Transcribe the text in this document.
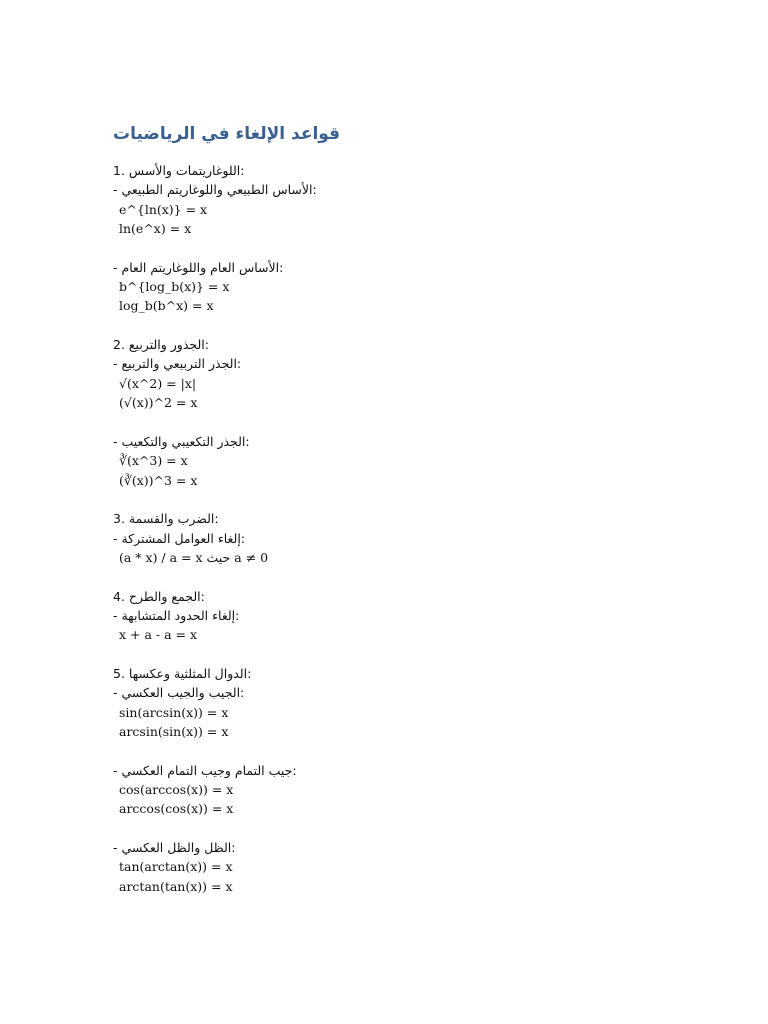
قواعد الإلغاء في الرياضيات
1. اللوغاريتمات والأسس:
- الأساس الطبيعي واللوغاريتم الطبيعي:
e^{ln(x)} = x
ln(e^x) = x
- الأساس العام واللوغاريتم العام:
b^{log_b(x)} = x
log_b(b^x) = x
2. الجذور والتربيع:
- الجذر التربيعي والتربيع:
√(x^2) = |x|
(√(x))^2 = x
- الجذر التكعيبي والتكعيب:
∛(x^3) = x
(∛(x))^3 = x
3. الضرب والقسمة:
- إلغاء العوامل المشتركة:
(a * x) / a = x حيث a ≠ 0
4. الجمع والطرح:
- إلغاء الحدود المتشابهة:
x + a - a = x
5. الدوال المثلثية وعكسها:
- الجيب والجيب العكسي:
sin(arcsin(x)) = x
arcsin(sin(x)) = x
- جيب التمام وجيب التمام العكسي:
cos(arccos(x)) = x
arccos(cos(x)) = x
- الظل والظل العكسي:
tan(arctan(x)) = x
arctan(tan(x)) = x
